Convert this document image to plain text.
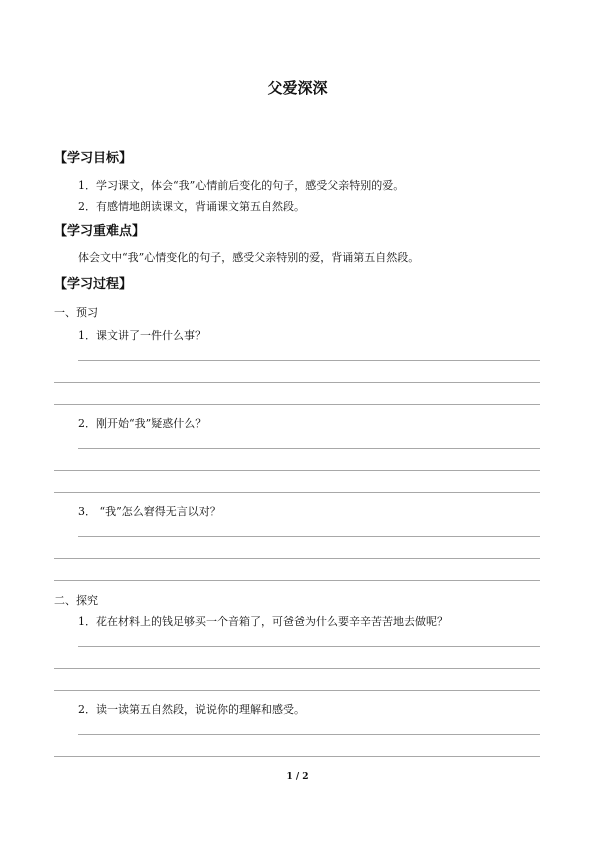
父爱深深
【学习目标】
1．学习课文，体会“我”心情前后变化的句子，感受父亲特别的爱。
2．有感情地朗读课文，背诵课文第五自然段。
【学习重难点】
体会文中“我”心情变化的句子，感受父亲特别的爱，背诵第五自然段。
【学习过程】
一、预习
1．课文讲了一件什么事？
2．刚开始“我”疑惑什么？
3． “我”怎么窘得无言以对？
二、探究
1．花在材料上的钱足够买一个音箱了，可爸爸为什么要辛辛苦苦地去做呢？
2．读一读第五自然段，说说你的理解和感受。
1 / 2
